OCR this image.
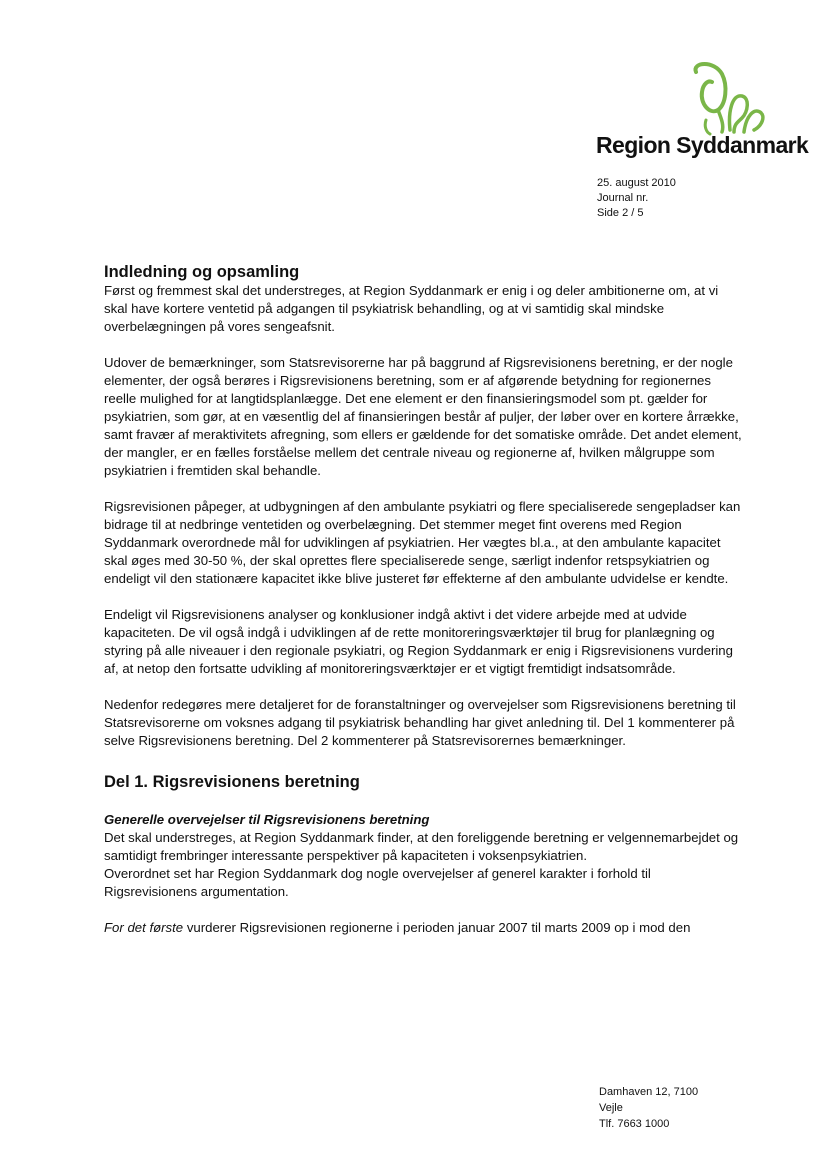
Region Syddanmark
25. august 2010
Journal nr.
Side 2 / 5
Indledning og opsamling

Først og fremmest skal det understreges, at Region Syddanmark er enig i og deler ambitionerne om, at vi skal have kortere ventetid på adgangen til psykiatrisk behandling, og at vi samtidig skal mindske overbelægningen på vores sengeafsnit.

Udover de bemærkninger, som Statsrevisorerne har på baggrund af Rigsrevisionens beretning, er der nogle elementer, der også berøres i Rigsrevisionens beretning, som er af afgørende betydning for regionernes reelle mulighed for at langtidsplanlægge. Det ene element er den finansieringsmodel som pt. gælder for psykiatrien, som gør, at en væsentlig del af finansieringen består af puljer, der løber over en kortere årrække, samt fravær af meraktivitets afregning, som ellers er gældende for det somatiske område. Det andet element, der mangler, er en fælles forståelse mellem det centrale niveau og regionerne af, hvilken målgruppe som psykiatrien i fremtiden skal behandle.

Rigsrevisionen påpeger, at udbygningen af den ambulante psykiatri og flere specialiserede sengepladser kan bidrage til at nedbringe ventetiden og overbelægning. Det stemmer meget fint overens med Region Syddanmark overordnede mål for udviklingen af psykiatrien. Her vægtes bl.a., at den ambulante kapacitet skal øges med 30-50 %, der skal oprettes flere specialiserede senge, særligt indenfor retspsykiatrien og endeligt vil den stationære kapacitet ikke blive justeret før effekterne af den ambulante udvidelse er kendte.

Endeligt vil Rigsrevisionens analyser og konklusioner indgå aktivt i det videre arbejde med at udvide kapaciteten. De vil også indgå i udviklingen af de rette monitoreringsværktøjer til brug for planlægning og styring på alle niveauer i den regionale psykiatri, og Region Syddanmark er enig i Rigsrevisionens vurdering af, at netop den fortsatte udvikling af monitoreringsværktøjer er et vigtigt fremtidigt indsatsområde.

Nedenfor redegøres mere detaljeret for de foranstaltninger og overvejelser som Rigsrevisionens beretning til Statsrevisorerne om voksnes adgang til psykiatrisk behandling har givet anledning til. Del 1 kommenterer på selve Rigsrevisionens beretning. Del 2 kommenterer på Statsrevisorernes bemærkninger.

Del 1. Rigsrevisionens beretning

Generelle overvejelser til Rigsrevisionens beretning

Det skal understreges, at Region Syddanmark finder, at den foreliggende beretning er velgennemarbejdet og samtidigt frembringer interessante perspektiver på kapaciteten i voksenpsykiatrien.

Overordnet set har Region Syddanmark dog nogle overvejelser af generel karakter i forhold til Rigsrevisionens argumentation.

For det første vurderer Rigsrevisionen regionerne i perioden januar 2007 til marts 2009 op i mod den

Damhaven 12, 7100
Vejle
Tlf. 7663 1000
